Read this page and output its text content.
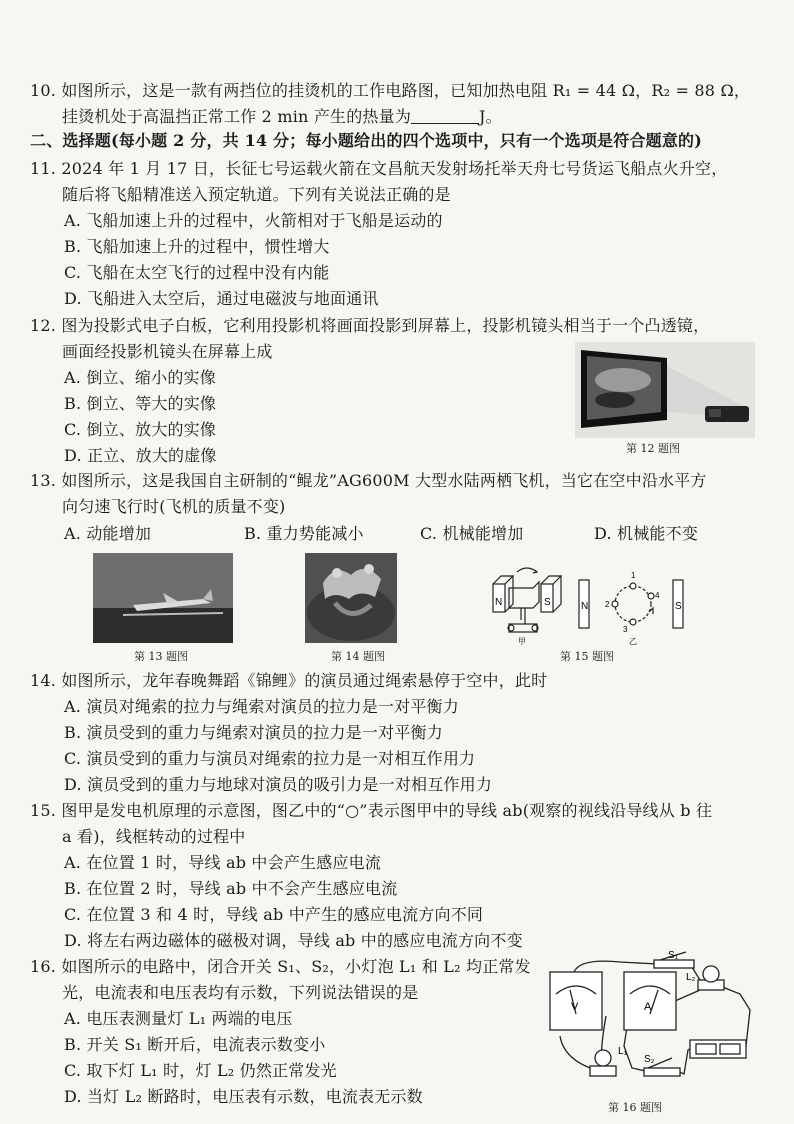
10. 如图所示，这是一款有两挡位的挂烫机的工作电路图，已知加热电阻 R₁ = 44 Ω，R₂ = 88 Ω，
挂烫机处于高温挡正常工作 2 min 产生的热量为	J。
二、选择题(每小题 2 分，共 14 分；每小题给出的四个选项中，只有一个选项是符合题意的)
11. 2024 年 1 月 17 日，长征七号运载火箭在文昌航天发射场托举天舟七号货运飞船点火升空，
随后将飞船精准送入预定轨道。下列有关说法正确的是
A. 飞船加速上升的过程中，火箭相对于飞船是运动的
B. 飞船加速上升的过程中，惯性增大
C. 飞船在太空飞行的过程中没有内能
D. 飞船进入太空后，通过电磁波与地面通讯
12. 图为投影式电子白板，它利用投影机将画面投影到屏幕上，投影机镜头相当于一个凸透镜，
画面经投影机镜头在屏幕上成
A. 倒立、缩小的实像
B. 倒立、等大的实像
C. 倒立、放大的实像
D. 正立、放大的虚像	第 12 题图
13. 如图所示，这是我国自主研制的“鲲龙”AG600M 大型水陆两栖飞机，当它在空中沿水平方
向匀速飞行时(飞机的质量不变)
A. 动能增加	B. 重力势能减小	C. 机械能增加	D. 机械能不变
第 13 题图	第 14 题图
N	S	N	S
1
2
3
4
甲	乙
第 15 题图
14. 如图所示，龙年春晚舞蹈《锦鲤》的演员通过绳索悬停于空中，此时
A. 演员对绳索的拉力与绳索对演员的拉力是一对平衡力
B. 演员受到的重力与绳索对演员的拉力是一对平衡力
C. 演员受到的重力与演员对绳索的拉力是一对相互作用力
D. 演员受到的重力与地球对演员的吸引力是一对相互作用力
15. 图甲是发电机原理的示意图，图乙中的“○”表示图甲中的导线 ab(观察的视线沿导线从 b 往
a 看)，线框转动的过程中
A. 在位置 1 时，导线 ab 中会产生感应电流
B. 在位置 2 时，导线 ab 中不会产生感应电流
C. 在位置 3 和 4 时，导线 ab 中产生的感应电流方向不同
D. 将左右两边磁体的磁极对调，导线 ab 中的感应电流方向不变
16. 如图所示的电路中，闭合开关 S₁、S₂，小灯泡 L₁ 和 L₂ 均正常发
光，电流表和电压表均有示数，下列说法错误的是
A. 电压表测量灯 L₁ 两端的电压
B. 开关 S₁ 断开后，电流表示数变小
C. 取下灯 L₁ 时，灯 L₂ 仍然正常发光
D. 当灯 L₂ 断路时，电压表有示数，电流表无示数
V	A
S₁
L₂
L₁
S₂
第 16 题图
